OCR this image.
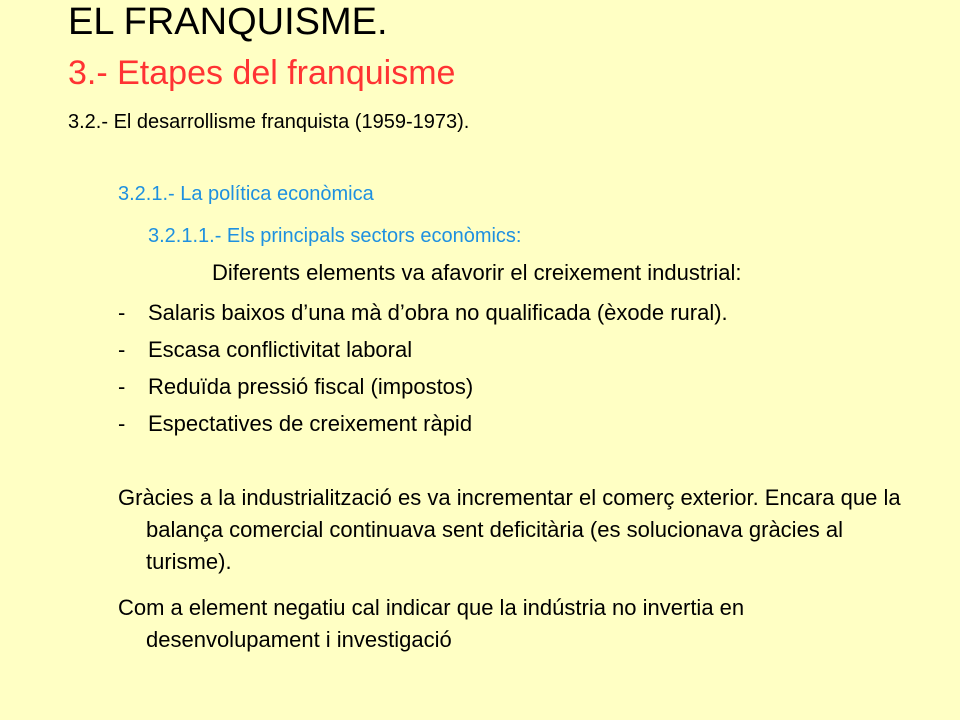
EL FRANQUISME.
3.- Etapes del franquisme
3.2.- El desarrollisme franquista (1959-1973).
3.2.1.- La política econòmica
3.2.1.1.- Els principals sectors econòmics:
Diferents elements va afavorir el creixement industrial:
- Salaris baixos d’una mà d’obra no qualificada (èxode rural).
- Escasa conflictivitat laboral
- Reduïda pressió fiscal (impostos)
- Espectatives de creixement ràpid
Gràcies a la industrialització es va incrementar el comerç exterior. Encara que la balança comercial continuava sent deficitària (es solucionava gràcies al turisme).
Com a element negatiu cal indicar que la indústria no invertia en desenvolupament i investigació
